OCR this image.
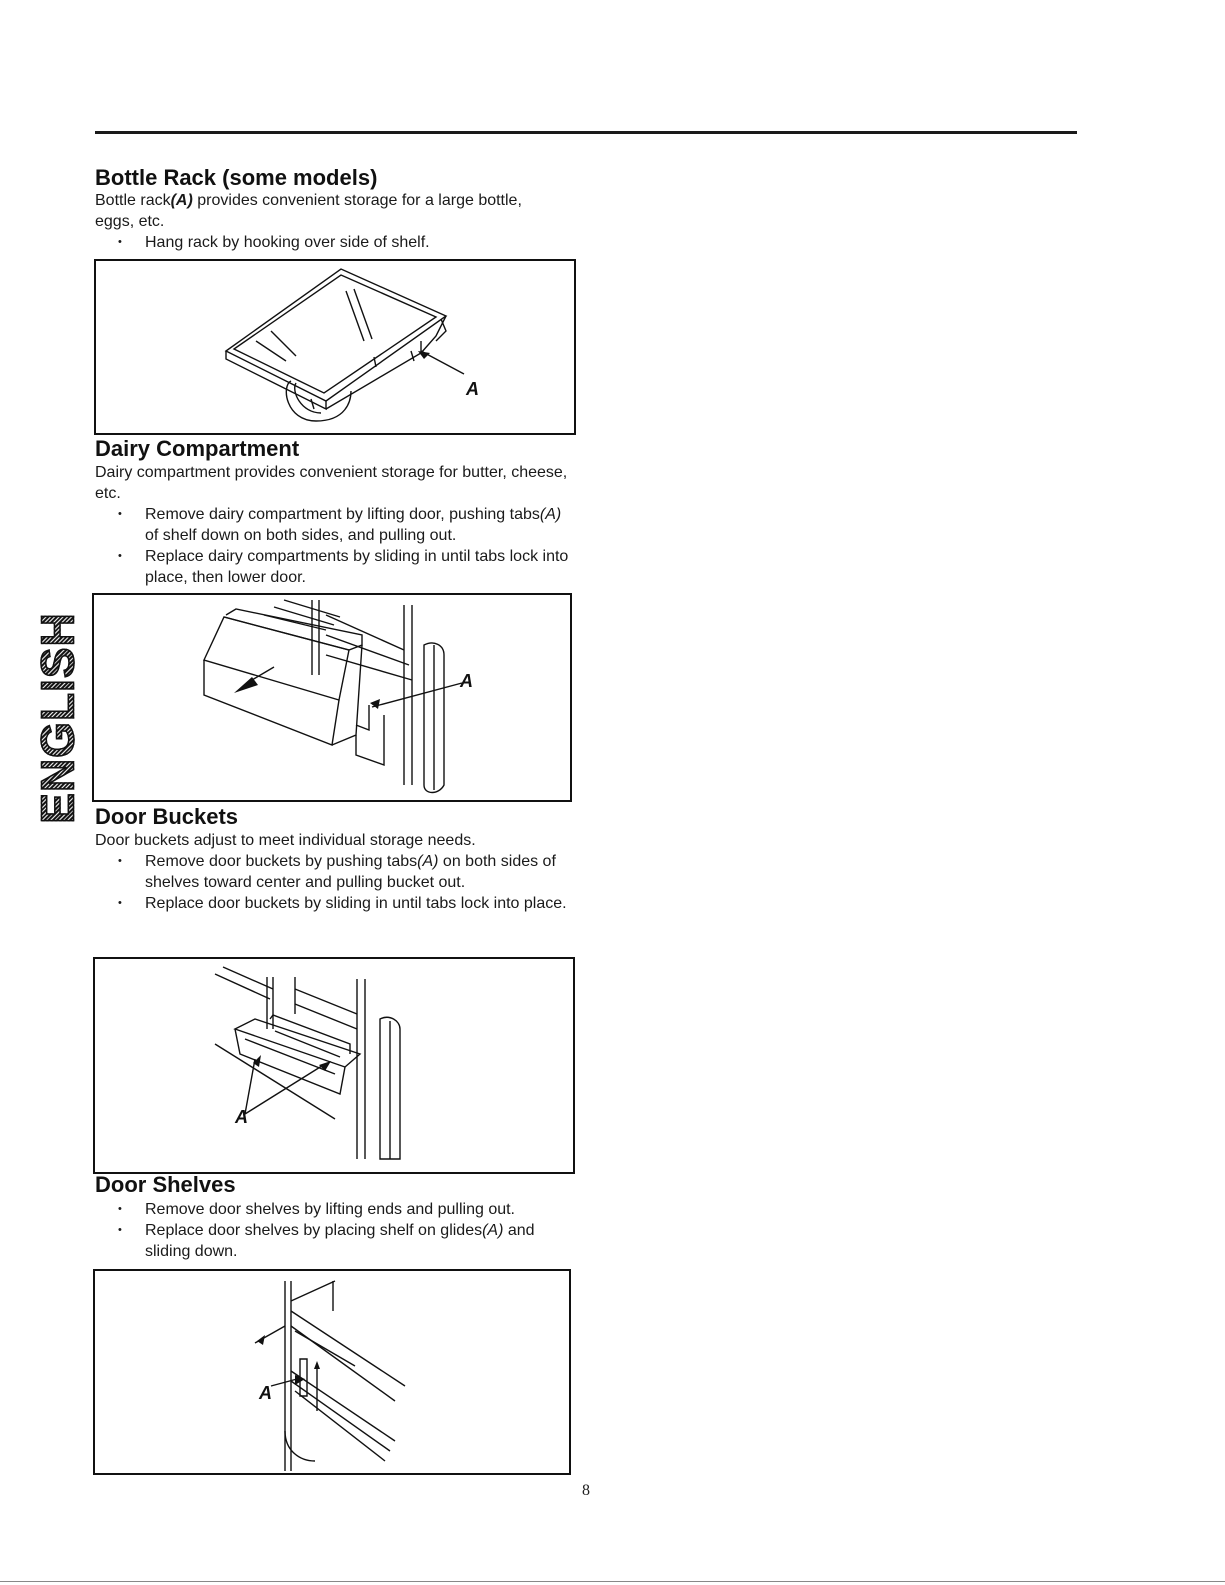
ENGLISH
Bottle Rack (some models)

Bottle rack(A) provides convenient storage for a large bottle, eggs, etc.

• Hang rack by hooking over side of shelf.
A
Dairy Compartment

Dairy compartment provides convenient storage for butter, cheese, etc.

• Remove dairy compartment by lifting door, pushing tabs(A) of shelf down on both sides, and pulling out.
• Replace dairy compartments by sliding in until tabs lock into place, then lower door.
A
Door Buckets

Door buckets adjust to meet individual storage needs.

• Remove door buckets by pushing tabs(A) on both sides of shelves toward center and pulling bucket out.
• Replace door buckets by sliding in until tabs lock into place.
A
Door Shelves
• Remove door shelves by lifting ends and pulling out.
• Replace door shelves by placing shelf on glides(A) and sliding down.
A
8
